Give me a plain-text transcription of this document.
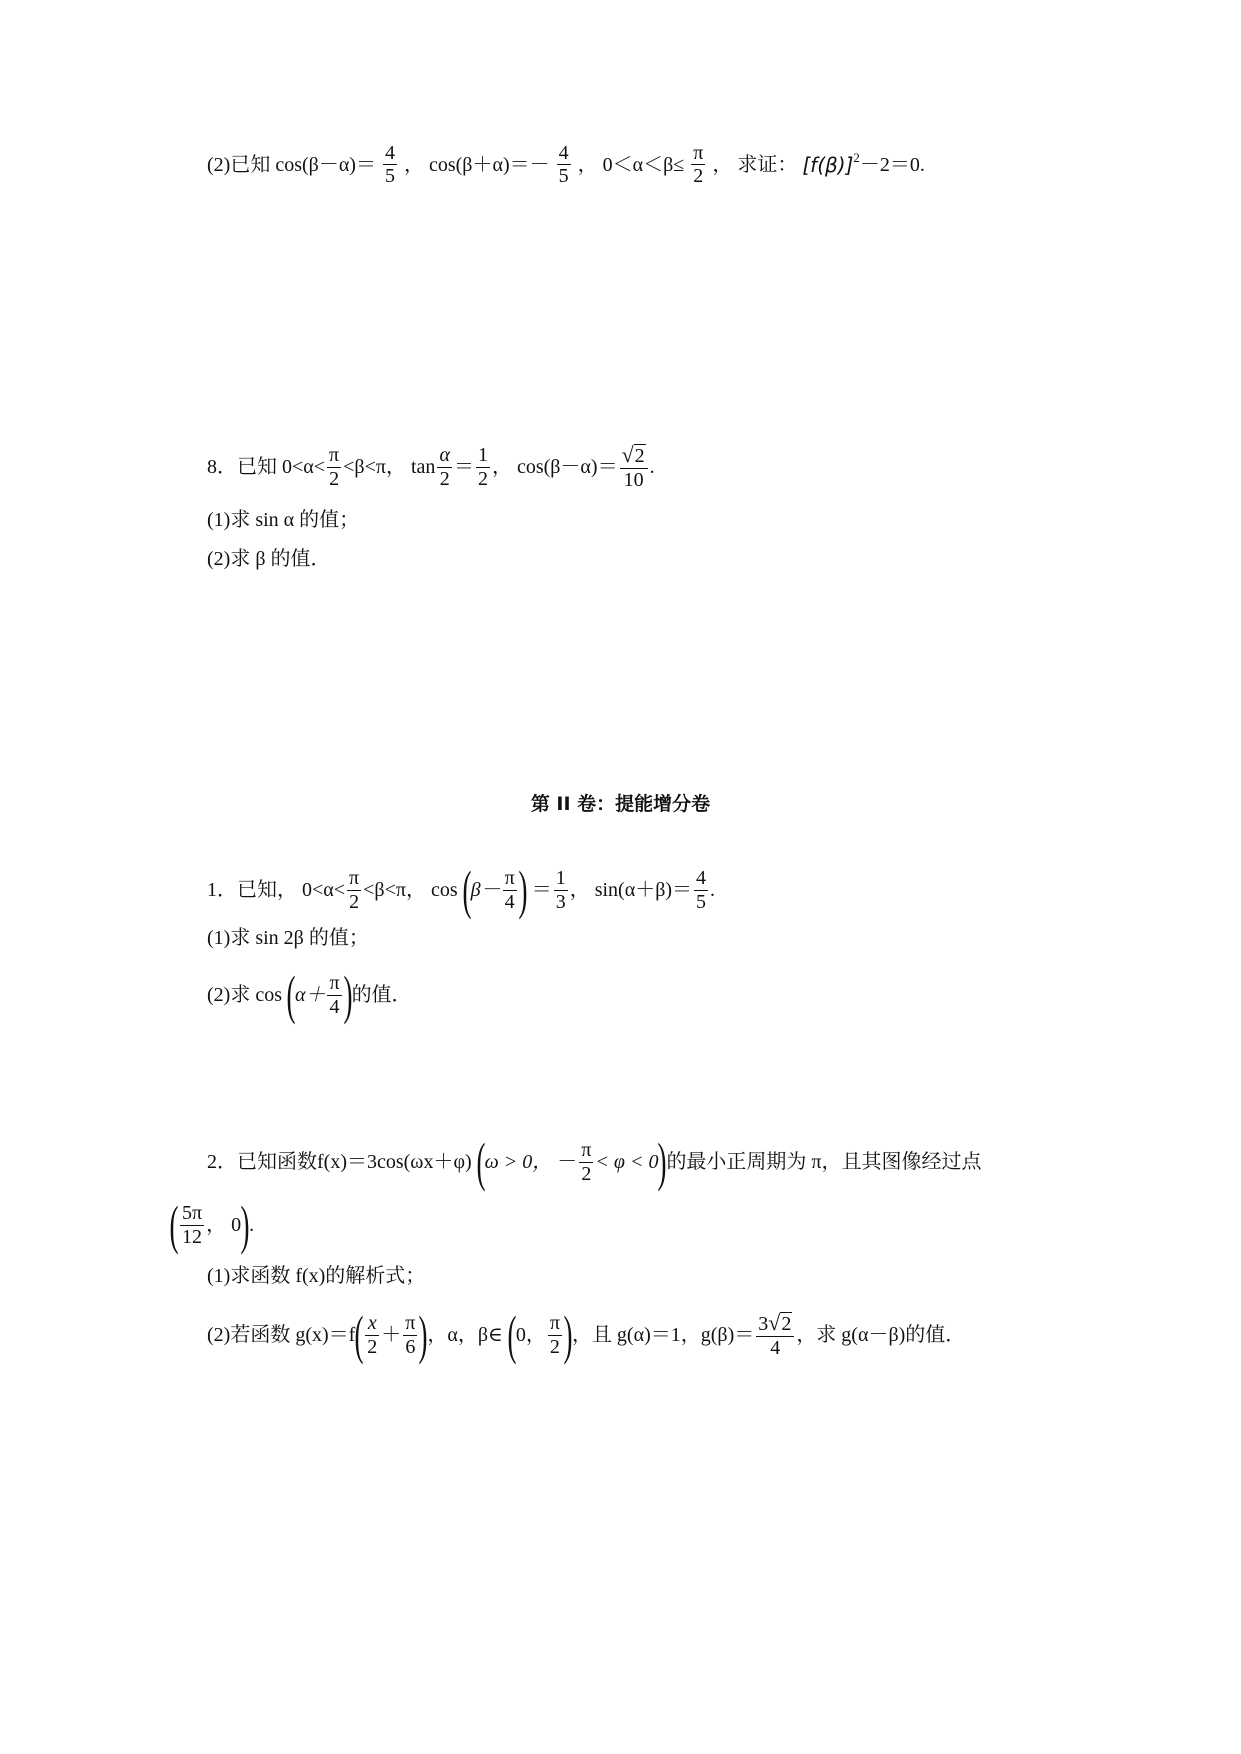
(2)已知 $\cos(\beta-\alpha)= \frac{4}{5}$ ， $\cos(\beta+\alpha)=- \frac{4}{5}$ ， $0<\alpha<\beta\le \frac{\pi}{2}$ ， 求证： $[f(\beta)]^2-2=0$.
8．已知 $0<\alpha< \frac{\pi}{2} <\beta<\pi$， $\tan \frac{\alpha}{2} = \frac{1}{2}$ ， $\cos(\beta-\alpha)= \frac{√2}{10}$ .
(1)求 sin α 的值；
(2)求 β 的值．
第 II 卷：提能增分卷
1．已知， $0<\alpha< \frac{\pi}{2} <\beta<\pi$， $\cos (\beta- \frac{\pi}{4}$ ) ＝ $\frac{1}{3}$ ， $\sin(\alpha+\beta)= \frac{4}{5}$ .
(1)求 sin 2β 的值；
(2)求 $\cos (\alpha+ \frac{\pi}{4}$ )的值．
2．已知函数f(x)＝3cos(ωx＋φ) (ω > 0， － $\frac{\pi}{2} < \varphi < 0$)的最小正周期为 π，且其图像经过点
( $\frac{5\pi}{12}$ ， 0).
(1)求函数 f(x)的解析式；
(2)若函数 $g(x)=f( \frac{x}{2} + \frac{\pi}{6}$ )，α，β∈ (0， $\frac{\pi}{2}$ )，且 g(α)＝1，$g(\beta)= \frac{3√2}{4}$ ，求 g(α－β)的值．
